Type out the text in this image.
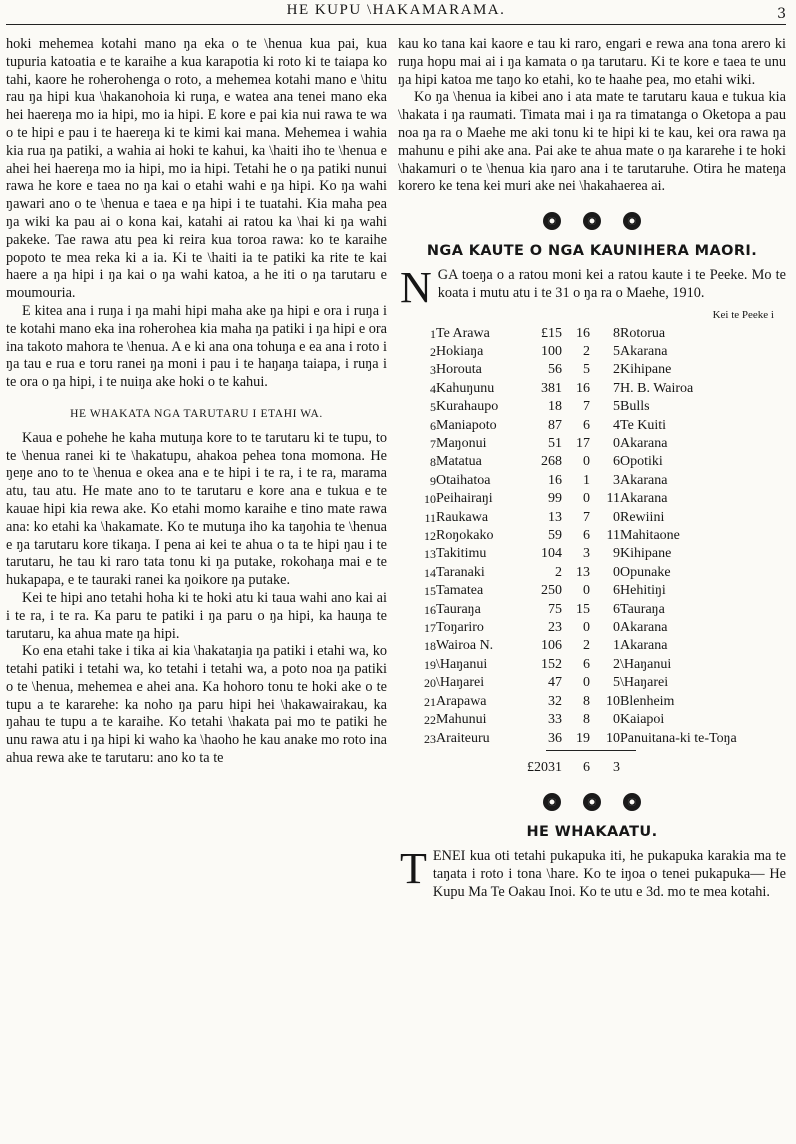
HE KUPU \HAKAMARAMA.	3

hoki mehemea kotahi mano ŋa eka o te \henua kua pai, kua tupuria katoatia e te karaihe a kua karapotia ki roto ki te taiapa ko tahi, kaore he roherohenga o roto, a mehemea kotahi mano e \hitu rau ŋa hipi kua \hakanohoia ki ruŋa, e watea ana tenei mano eka hei haereŋa mo ia hipi, mo ia hipi. E kore e pai kia nui rawa te wa o te hipi e pau i te haereŋa ki te kimi kai mana. Mehemea i wahia kia rua ŋa patiki, a wahia ai hoki te kahui, ka \haiti iho te \henua e ahei hei haereŋa mo ia hipi, mo ia hipi. Tetahi he o ŋa patiki nunui rawa he kore e taea no ŋa kai o etahi wahi e ŋa hipi. Ko ŋa wahi ŋawari ano o te \henua e taea e ŋa hipi i te tuatahi. Kia maha pea ŋa wiki ka pau ai o kona kai, katahi ai ratou ka \hai ki ŋa wahi pakeke. Tae rawa atu pea ki reira kua toroa rawa: ko te karaihe popoto te mea reka ki a ia. Ki te \haiti ia te patiki ka rite te kai haere a ŋa hipi i ŋa kai o ŋa wahi katoa, a he iti o ŋa tarutaru e moumouria.

E kitea ana i ruŋa i ŋa mahi hipi maha ake ŋa hipi e ora i ruŋa i te kotahi mano eka ina roherohea kia maha ŋa patiki i ŋa hipi e ora ina takoto mahora te \henua. A e ki ana ona tohuŋa e ea ana i roto i ŋa tau e rua e toru ranei ŋa moni i pau i te haŋaŋa taiapa, i ruŋa i te ora o ŋa hipi, i te nuiŋa ake hoki o te kahui.

HE WHAKATA NGA TARUTARU I ETAHI WA.

Kaua e pohehe he kaha mutuŋa kore to te tarutaru ki te tupu, to te \henua ranei ki te \hakatupu, ahakoa pehea tona momona. He ŋeŋe ano to te \henua e okea ana e te hipi i te ra, i te ra, marama atu, tau atu. He mate ano to te tarutaru e kore ana e tukua e te kauae hipi kia rewa ake. Ko etahi momo karaihe e tino mate rawa ana: ko etahi ka \hakamate. Ko te mutuŋa iho ka taŋohia te \henua e ŋa tarutaru kore tikaŋa. I pena ai kei te ahua o ta te hipi ŋau i te tarutaru, he tau ki raro tata tonu ki ŋa putake, rokohaŋa mai e te hukapapa, e te tauraki ranei ka ŋoikore ŋa putake.

Kei te hipi ano tetahi hoha ki te hoki atu ki taua wahi ano kai ai i te ra, i te ra. Ka paru te patiki i ŋa paru o ŋa hipi, ka hauŋa te tarutaru, ka ahua mate ŋa hipi.

Ko ena etahi take i tika ai kia \hakataŋia ŋa patiki i etahi wa, ko tetahi patiki i tetahi wa, ko tetahi i tetahi wa, a poto noa ŋa patiki o te \henua, mehemea e ahei ana. Ka hohoro tonu te hoki ake o te tupu a te kararehe: ka noho ŋa paru hipi hei \hakawairakau, ka ŋahau te tupu a te karaihe. Ko tetahi \hakata pai mo te patiki he unu rawa atu i ŋa hipi ki waho ka \haoho he kau anake mo roto ina ahua rewa ake te tarutaru: ano ko ta te

kau ko tana kai kaore e tau ki raro, engari e rewa ana tona arero ki ruŋa hopu mai ai i ŋa kamata o ŋa tarutaru. Ki te kore e taea te unu ŋa hipi katoa me taŋo ko etahi, ko te haahe pea, mo etahi wiki.

Ko ŋa \henua ia kibei ano i ata mate te tarutaru kaua e tukua kia \hakata i ŋa raumati. Timata mai i ŋa ra timatanga o Oketopa a pau noa ŋa ra o Maehe me aki tonu ki te hipi ki te kau, kei ora rawa ŋa mahunu e pihi ake ana. Pai ake te ahua mate o ŋa kararehe i te hoki \hakamuri o te \henua kia ŋaro ana i te tarutaruhe. Otira he mateŋa korero ke tena kei muri ake nei \hakahaerea ai.

NGA KAUTE O NGA KAUNIHERA MAORI.
N GA toeŋa o a ratou moni kei a ratou kaute i te Peeke. Mo te koata i mutu atu i te 31 o ŋa ra o Maehe, 1910.

Kei te Peeke i
1	Te Arawa	£15	16	8	Rotorua
2	Hokiaŋa	100	2	5	Akarana
3	Horouta	56	5	2	Kihipane
4	Kahuŋunu	381	16	7	H. B. Wairoa
5	Kurahaupo	18	7	5	Bulls
6	Maniapoto	87	6	4	Te Kuiti
7	Maŋonui	51	17	0	Akarana
8	Matatua	268	0	6	Opotiki
9	Otaihatoa	16	1	3	Akarana
10	Peihairaŋi	99	0	11	Akarana
11	Raukawa	13	7	0	Rewiini
12	Roŋokako	59	6	11	Mahitaone
13	Takitimu	104	3	9	Kihipane
14	Taranaki	2	13	0	Opunake
15	Tamatea	250	0	6	Hehitiŋi
16	Tauraŋa	75	15	6	Tauraŋa
17	Toŋariro	23	0	0	Akarana
18	Wairoa N.	106	2	1	Akarana
19	\Haŋanui	152	6	2	\Haŋanui
20	\Haŋarei	47	0	5	\Haŋarei
21	Arapawa	32	8	10	Blenheim
22	Mahunui	33	8	0	Kaiapoi
23	Araiteuru	36	19	10	Panuitana-ki te-Toŋa
		£2031	6	3	
HE WHAKAATU.
T ENEI kua oti tetahi pukapuka iti, he pukapuka karakia ma te taŋata i roto i tona \hare. Ko te iŋoa o tenei pukapuka— He Kupu Ma Te Oakau Inoi. Ko te utu e 3d. mo te mea kotahi.
